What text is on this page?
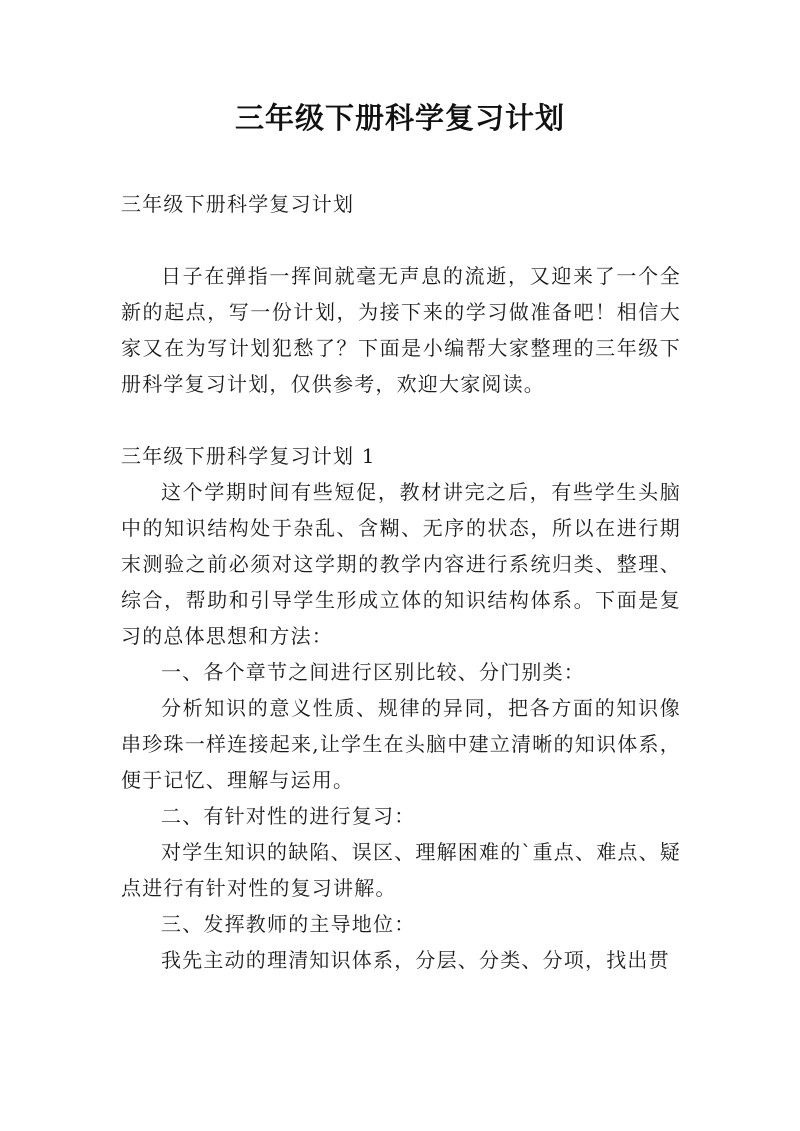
三年级下册科学复习计划

三年级下册科学复习计划

日子在弹指一挥间就毫无声息的流逝，又迎来了一个全新的起点，写一份计划，为接下来的学习做准备吧！相信大家又在为写计划犯愁了？下面是小编帮大家整理的三年级下册科学复习计划，仅供参考，欢迎大家阅读。

三年级下册科学复习计划 1

这个学期时间有些短促，教材讲完之后，有些学生头脑中的知识结构处于杂乱、含糊、无序的状态，所以在进行期末测验之前必须对这学期的教学内容进行系统归类、整理、综合，帮助和引导学生形成立体的知识结构体系。下面是复习的总体思想和方法：

一、各个章节之间进行区别比较、分门别类：

分析知识的意义性质、规律的异同，把各方面的知识像串珍珠一样连接起来,让学生在头脑中建立清晰的知识体系，便于记忆、理解与运用。

二、有针对性的进行复习：

对学生知识的缺陷、误区、理解困难的`重点、难点、疑点进行有针对性的复习讲解。

三、发挥教师的主导地位：

我先主动的理清知识体系，分层、分类、分项，找出贯
